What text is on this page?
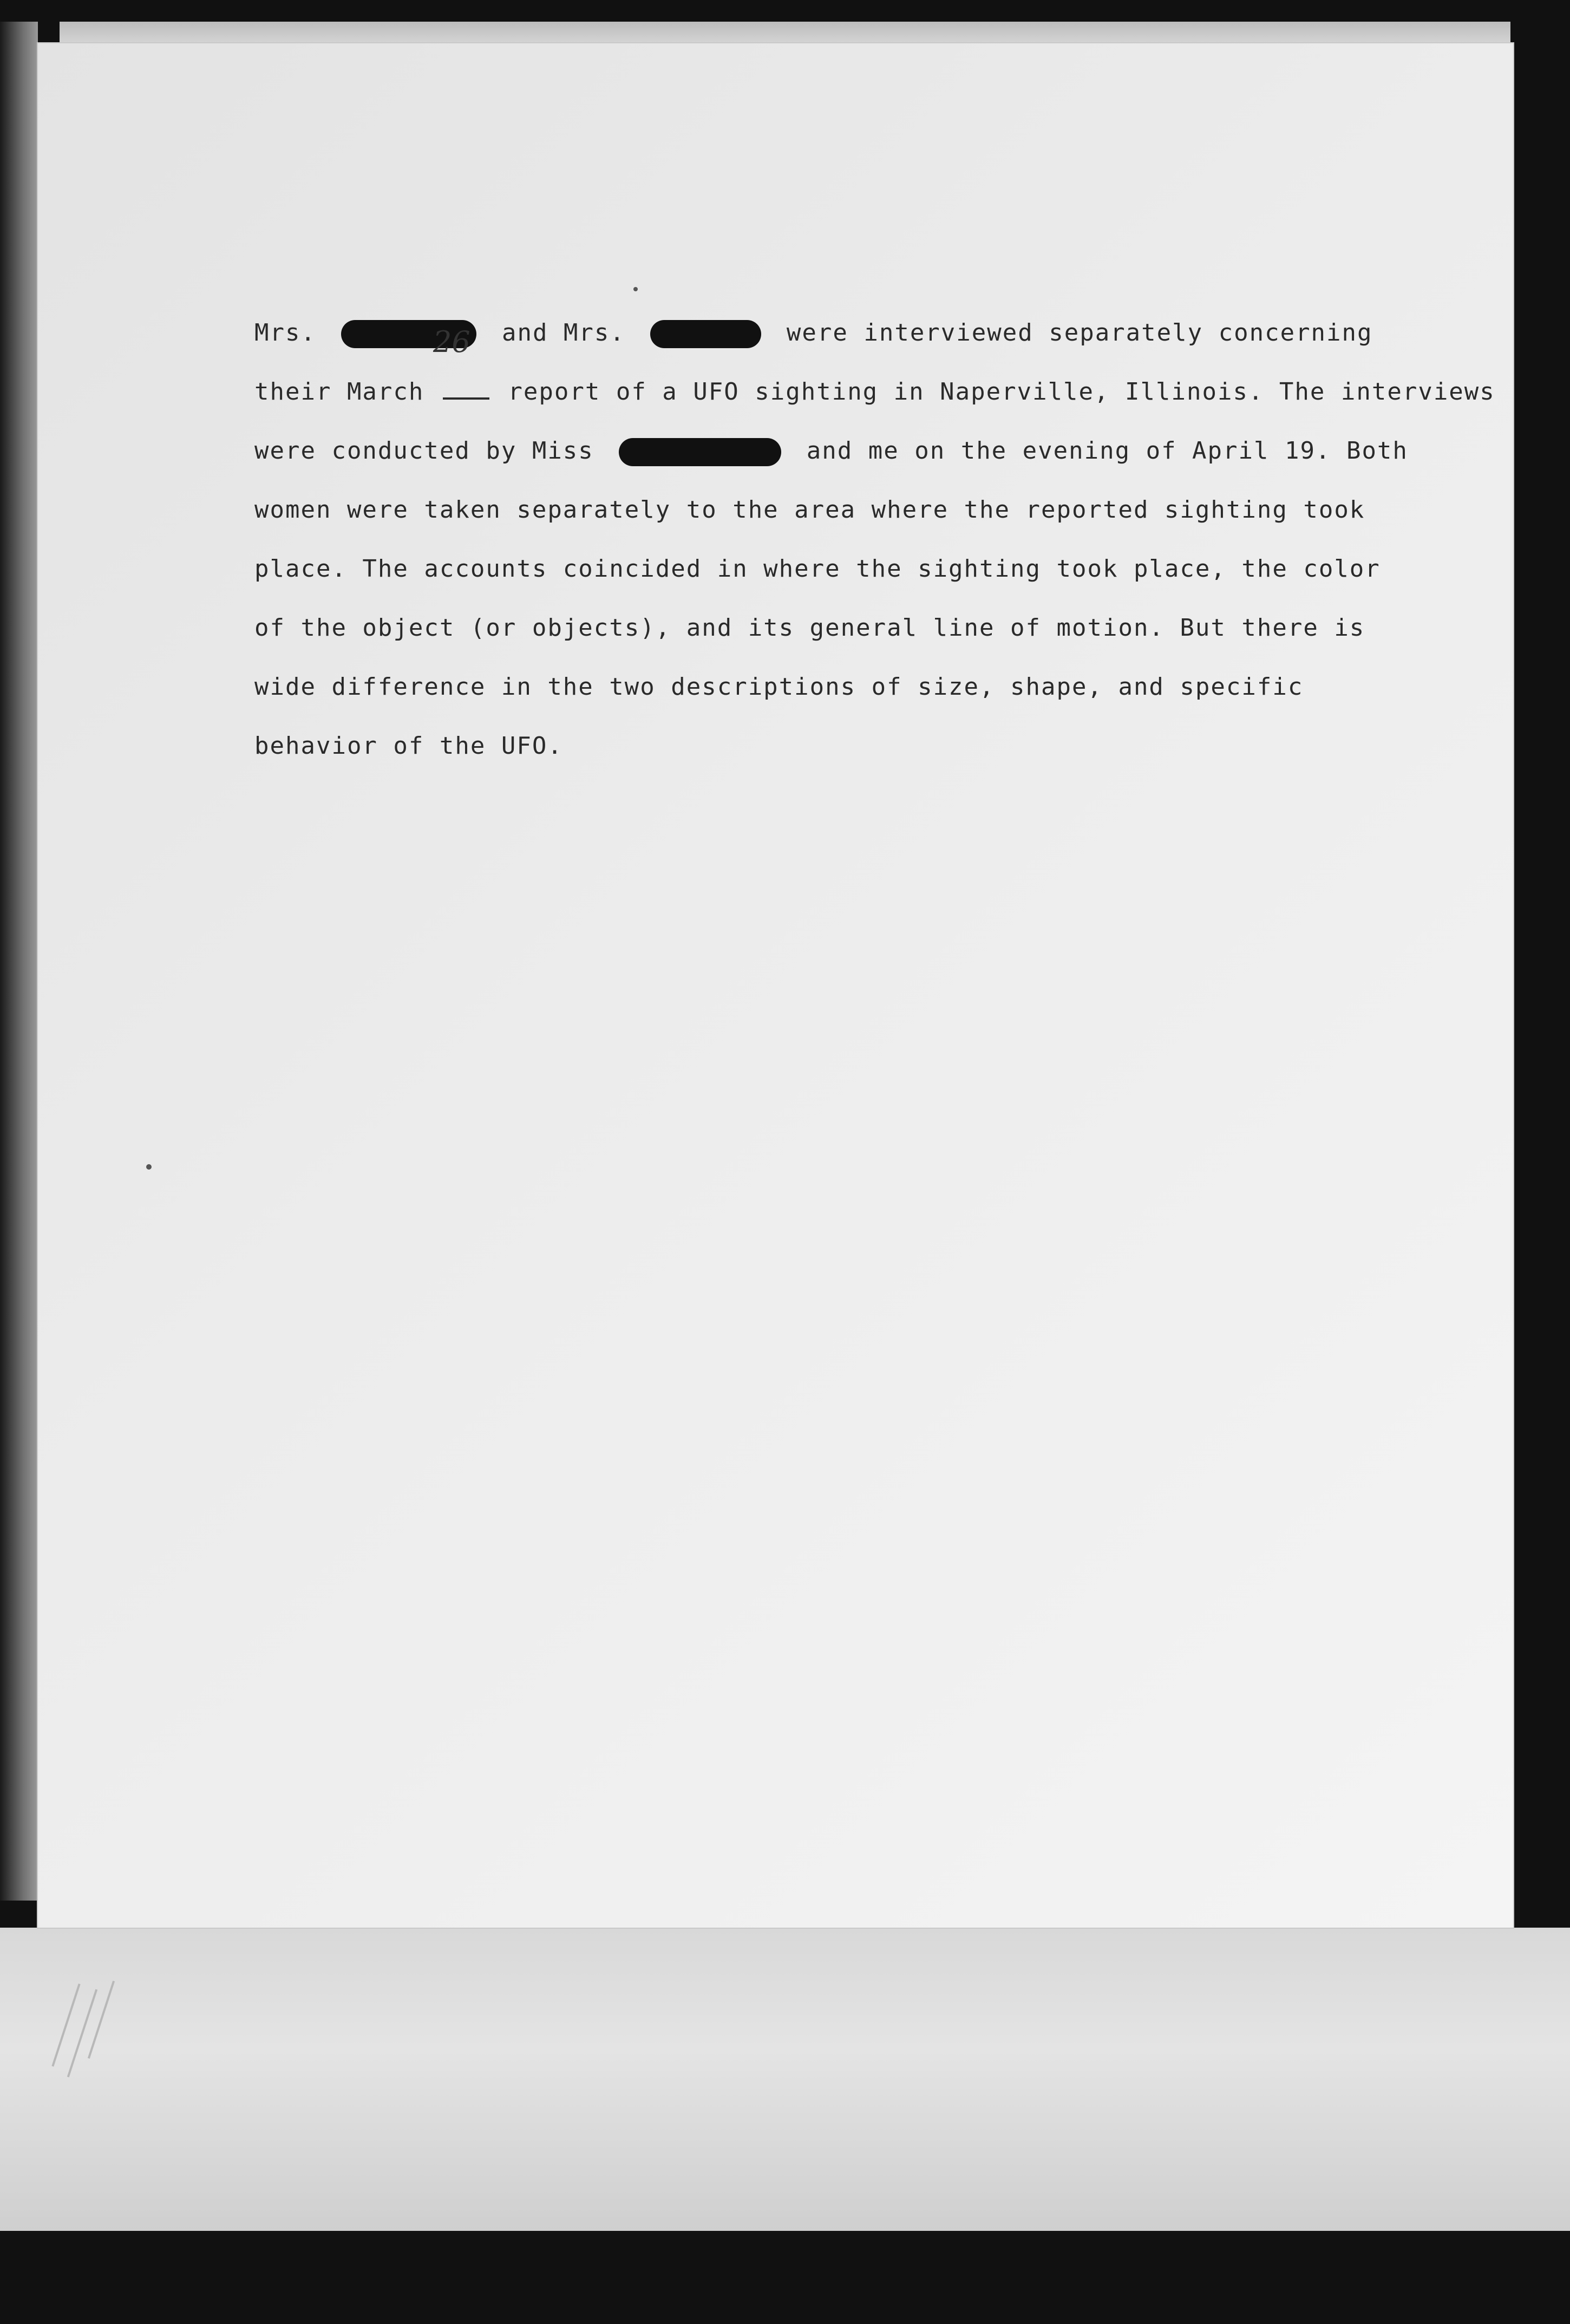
Mrs.	and Mrs.	were interviewed separately concerning
their March	report of a UFO sighting in Naperville, Illinois. The interviews
were conducted by Miss	and me on the evening of April 19. Both
women were taken separately to the area where the reported sighting took
place. The accounts coincided in where the sighting took place, the color
of the object (or objects), and its general line of motion. But there is
wide difference in the two descriptions of size, shape, and specific
behavior of the UFO.
26
